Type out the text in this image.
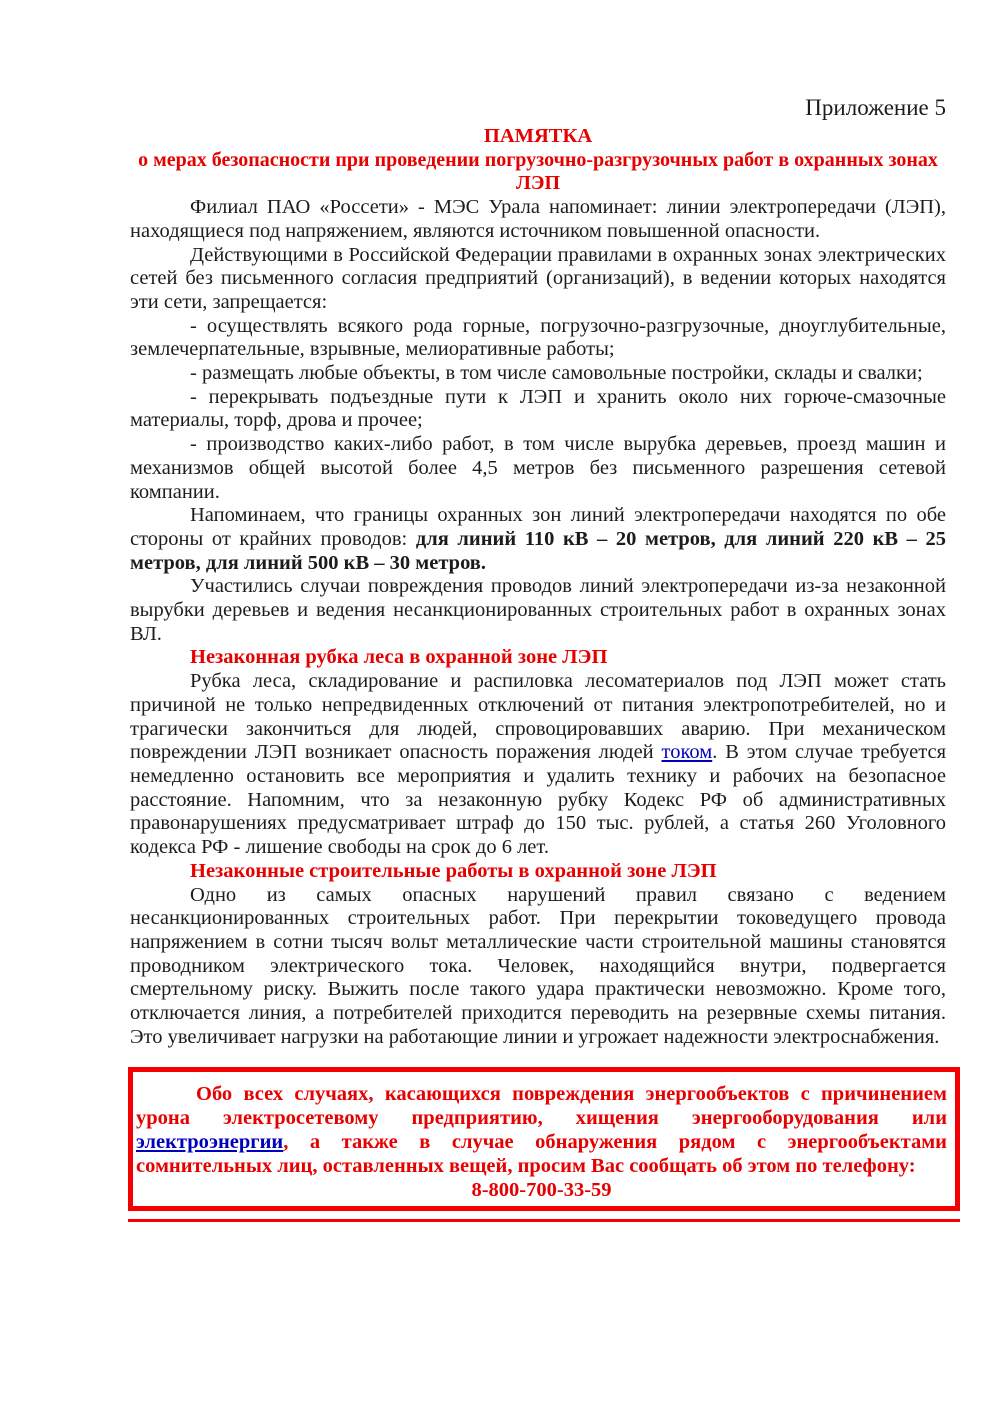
Приложение 5
ПАМЯТКА
о мерах безопасности при проведении погрузочно-разгрузочных работ в охранных зонах ЛЭП

Филиал ПАО «Россети» - МЭС Урала напоминает: линии электропередачи (ЛЭП), находящиеся под напряжением, являются источником повышенной опасности.

Действующими в Российской Федерации правилами в охранных зонах электрических сетей без письменного согласия предприятий (организаций), в ведении которых находятся эти сети, запрещается:

- осуществлять всякого рода горные, погрузочно-разгрузочные, дноуглубительные, землечерпательные, взрывные, мелиоративные работы;

- размещать любые объекты, в том числе самовольные постройки, склады и свалки;

- перекрывать подъездные пути к ЛЭП и хранить около них горюче-смазочные материалы, торф, дрова и прочее;

- производство каких-либо работ, в том числе вырубка деревьев, проезд машин и механизмов общей высотой более 4,5 метров без письменного разрешения сетевой компании.

Напоминаем, что границы охранных зон линий электропередачи находятся по обе стороны от крайних проводов: для линий 110 кВ – 20 метров, для линий 220 кВ – 25 метров, для линий 500 кВ – 30 метров.

Участились случаи повреждения проводов линий электропередачи из-за незаконной вырубки деревьев и ведения несанкционированных строительных работ в охранных зонах ВЛ.

Незаконная рубка леса в охранной зоне ЛЭП

Рубка леса, складирование и распиловка лесоматериалов под ЛЭП может стать причиной не только непредвиденных отключений от питания электропотребителей, но и трагически закончиться для людей, спровоцировавших аварию. При механическом повреждении ЛЭП возникает опасность поражения людей током. В этом случае требуется немедленно остановить все мероприятия и удалить технику и рабочих на безопасное расстояние. Напомним, что за незаконную рубку Кодекс РФ об административных правонарушениях предусматривает штраф до 150 тыс. рублей, а статья 260 Уголовного кодекса РФ - лишение свободы на срок до 6 лет.

Незаконные строительные работы в охранной зоне ЛЭП

Одно из самых опасных нарушений правил связано с ведением несанкционированных строительных работ. При перекрытии токоведущего провода напряжением в сотни тысяч вольт металлические части строительной машины становятся проводником электрического тока. Человек, находящийся внутри, подвергается смертельному риску. Выжить после такого удара практически невозможно. Кроме того, отключается линия, а потребителей приходится переводить на резервные схемы питания. Это увеличивает нагрузки на работающие линии и угрожает надежности электроснабжения.

Обо всех случаях, касающихся повреждения энергообъектов с причинением урона электросетевому предприятию, хищения энергооборудования или электроэнергии, а также в случае обнаружения рядом с энергообъектами сомнительных лиц, оставленных вещей, просим Вас сообщать об этом по телефону:

8-800-700-33-59
